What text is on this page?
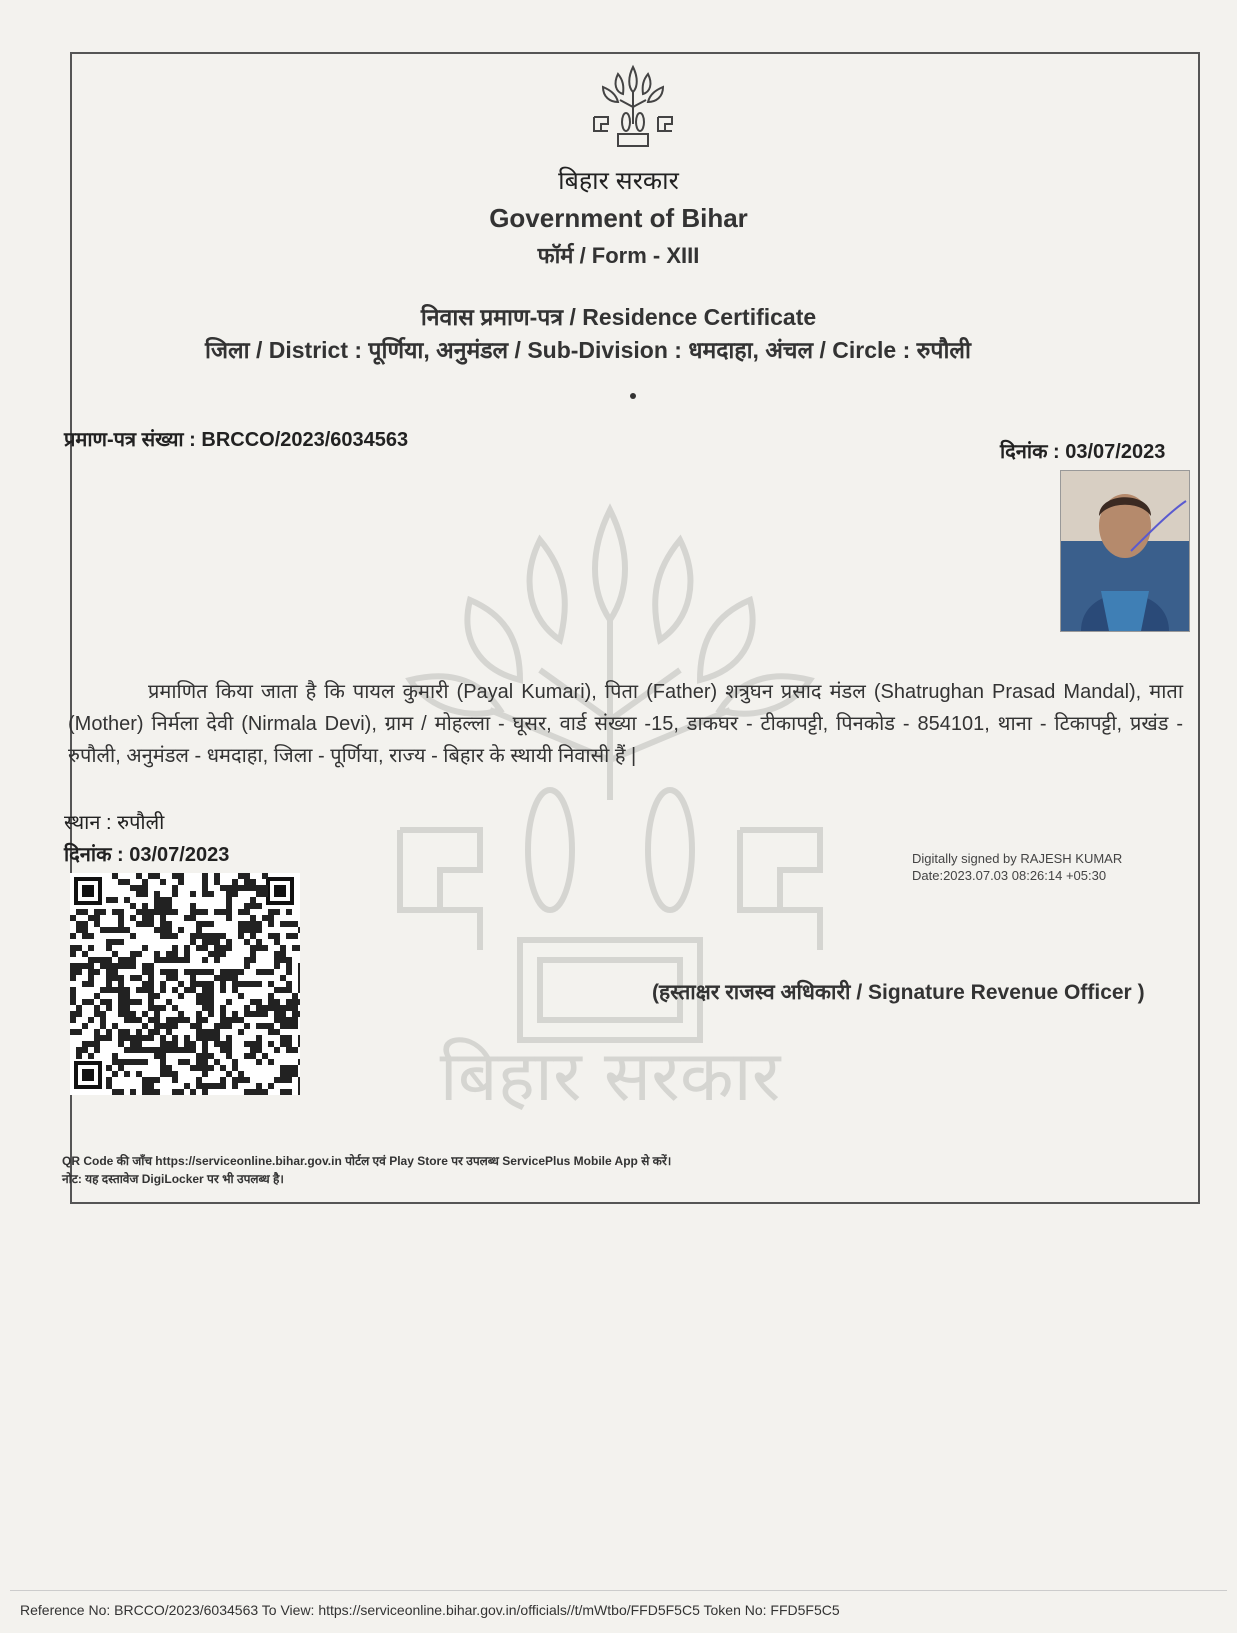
बिहार सरकार
बिहार सरकार
Government of Bihar
फॉर्म / Form - XIII
निवास प्रमाण-पत्र / Residence Certificate
जिला / District : पूर्णिया, अनुमंडल / Sub-Division : धमदाहा, अंचल / Circle : रुपौली
प्रमाण-पत्र संख्या : BRCCO/2023/6034563
दिनांक : 03/07/2023
प्रमाणित किया जाता है कि पायल कुमारी (Payal Kumari), पिता (Father) शत्रुघन प्रसाद मंडल (Shatrughan Prasad Mandal), माता (Mother) निर्मला देवी (Nirmala Devi), ग्राम / मोहल्ला - घूसर, वार्ड संख्या -15, डाकघर - टीकापट्टी, पिनकोड - 854101, थाना - टिकापट्टी, प्रखंड - रुपौली, अनुमंडल - धमदाहा, जिला - पूर्णिया, राज्य - बिहार के स्थायी निवासी हैं |
स्थान : रुपौली
दिनांक : 03/07/2023	Digitally signed by RAJESH KUMAR
Date:2023.07.03 08:26:14 +05:30
(हस्ताक्षर राजस्व अधिकारी / Signature Revenue Officer )
QR Code की जाँच https://serviceonline.bihar.gov.in पोर्टल एवं Play Store पर उपलब्ध ServicePlus Mobile App से करें।
नोट: यह दस्तावेज DigiLocker पर भी उपलब्ध है।
Reference No: BRCCO/2023/6034563 To View: https://serviceonline.bihar.gov.in/officials//t/mWtbo/FFD5F5C5 Token No: FFD5F5C5
